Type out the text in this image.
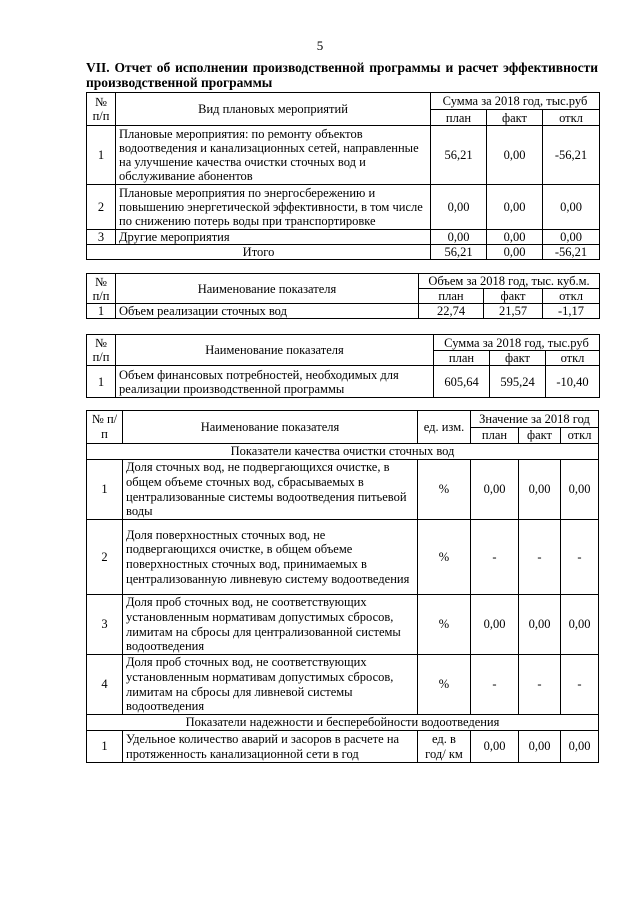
5
VII. Отчет об исполнении производственной программы и расчет эффективности производственной программы
№ п/п	Вид плановых мероприятий	Сумма за 2018 год, тыс.руб		
		план	факт	откл
1	Плановые мероприятия: по ремонту объектов водоотведения и канализационных сетей, направленные на улучшение качества очистки сточных вод и обслуживание абонентов	56,21	0,00	-56,21
2	Плановые мероприятия по энергосбережению и повышению энергетической эффективности, в том числе по снижению потерь воды при транспортировке	0,00	0,00	0,00
3	Другие мероприятия	0,00	0,00	0,00
Итого		56,21	0,00	-56,21
№ п/п	Наименование показателя	Объем за 2018 год, тыс. куб.м.		
		план	факт	откл
1	Объем реализации сточных вод	22,74	21,57	-1,17
№ п/п	Наименование показателя	Сумма за 2018 год, тыс.руб		
		план	факт	откл
1	Объем финансовых потребностей, необходимых для реализации производственной программы	605,64	595,24	-10,40
№ п/п	Наименование показателя	ед. изм.	Значение за 2018 год		
			план	факт	откл
Показатели качества очистки сточных вод					
1	Доля сточных вод, не подвергающихся очистке, в общем объеме сточных вод, сбрасываемых в централизованные системы водоотведения питьевой воды	%	0,00	0,00	0,00
2	Доля поверхностных сточных вод, не подвергающихся очистке, в общем объеме поверхностных сточных вод, принимаемых в централизованную ливневую систему водоотведения	%	-	-	-
3	Доля проб сточных вод, не соответствующих установленным нормативам допустимых сбросов, лимитам на сбросы для централизованной системы водоотведения	%	0,00	0,00	0,00
4	Доля проб сточных вод, не соответствующих установленным нормативам допустимых сбросов, лимитам на сбросы для ливневой системы водоотведения	%	-	-	-
Показатели надежности и бесперебойности водоотведения					
1	Удельное количество аварий и засоров в расчете на протяженность канализационной сети в год	ед. в год/ км	0,00	0,00	0,00
